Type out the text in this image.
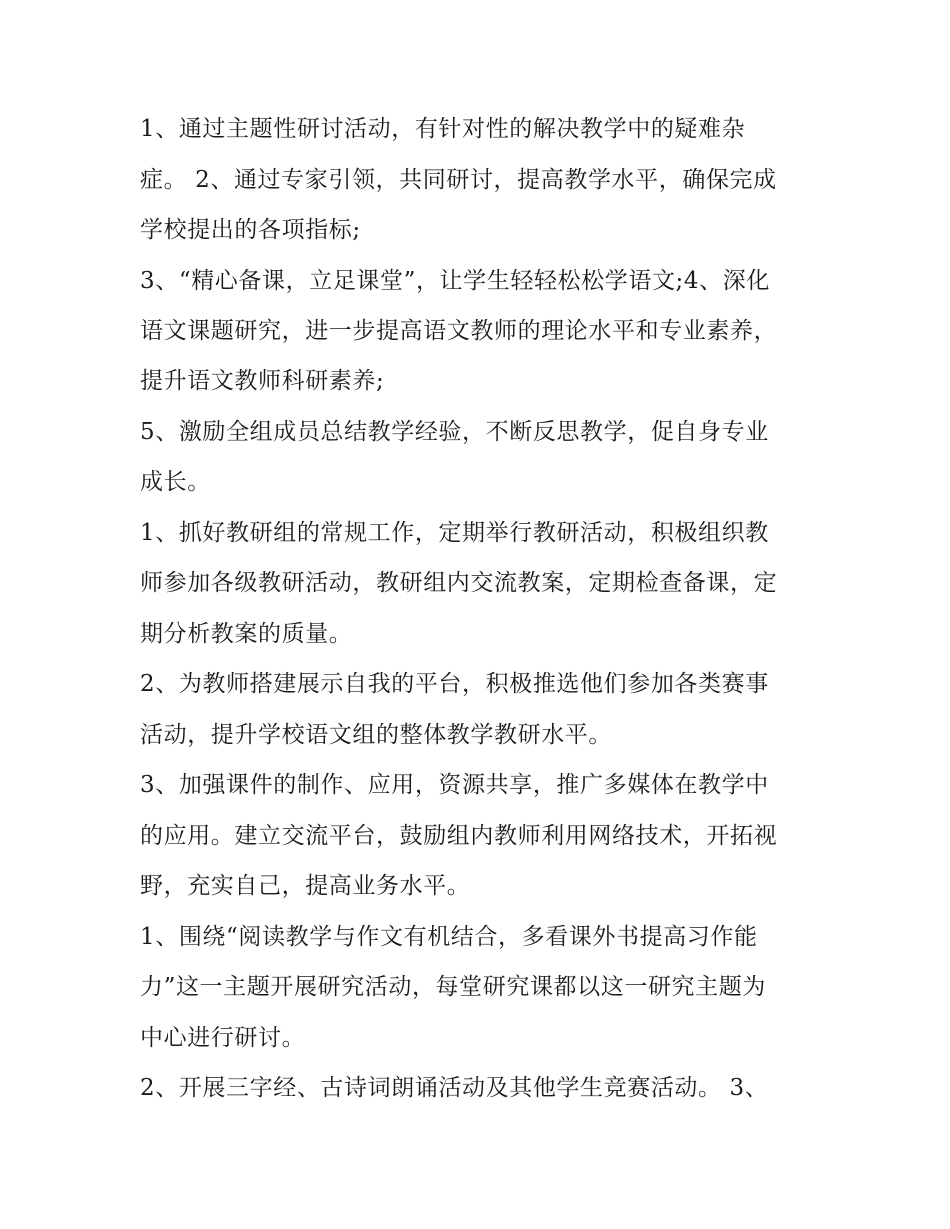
1、通过主题性研讨活动，有针对性的解决教学中的疑难杂
症。 2、通过专家引领，共同研讨，提高教学水平，确保完成
学校提出的各项指标;
3、“精心备课，立足课堂”，让学生轻轻松松学语文;4、深化
语文课题研究，进一步提高语文教师的理论水平和专业素养，
提升语文教师科研素养;
5、激励全组成员总结教学经验，不断反思教学，促自身专业
成长。
1、抓好教研组的常规工作，定期举行教研活动，积极组织教
师参加各级教研活动，教研组内交流教案，定期检查备课，定
期分析教案的质量。
2、为教师搭建展示自我的平台，积极推选他们参加各类赛事
活动，提升学校语文组的整体教学教研水平。
3、加强课件的制作、应用，资源共享，推广多媒体在教学中
的应用。建立交流平台，鼓励组内教师利用网络技术，开拓视
野，充实自己，提高业务水平。
1、围绕“阅读教学与作文有机结合，多看课外书提高习作能
力”这一主题开展研究活动，每堂研究课都以这一研究主题为
中心进行研讨。
2、开展三字经、古诗词朗诵活动及其他学生竞赛活动。 3、
